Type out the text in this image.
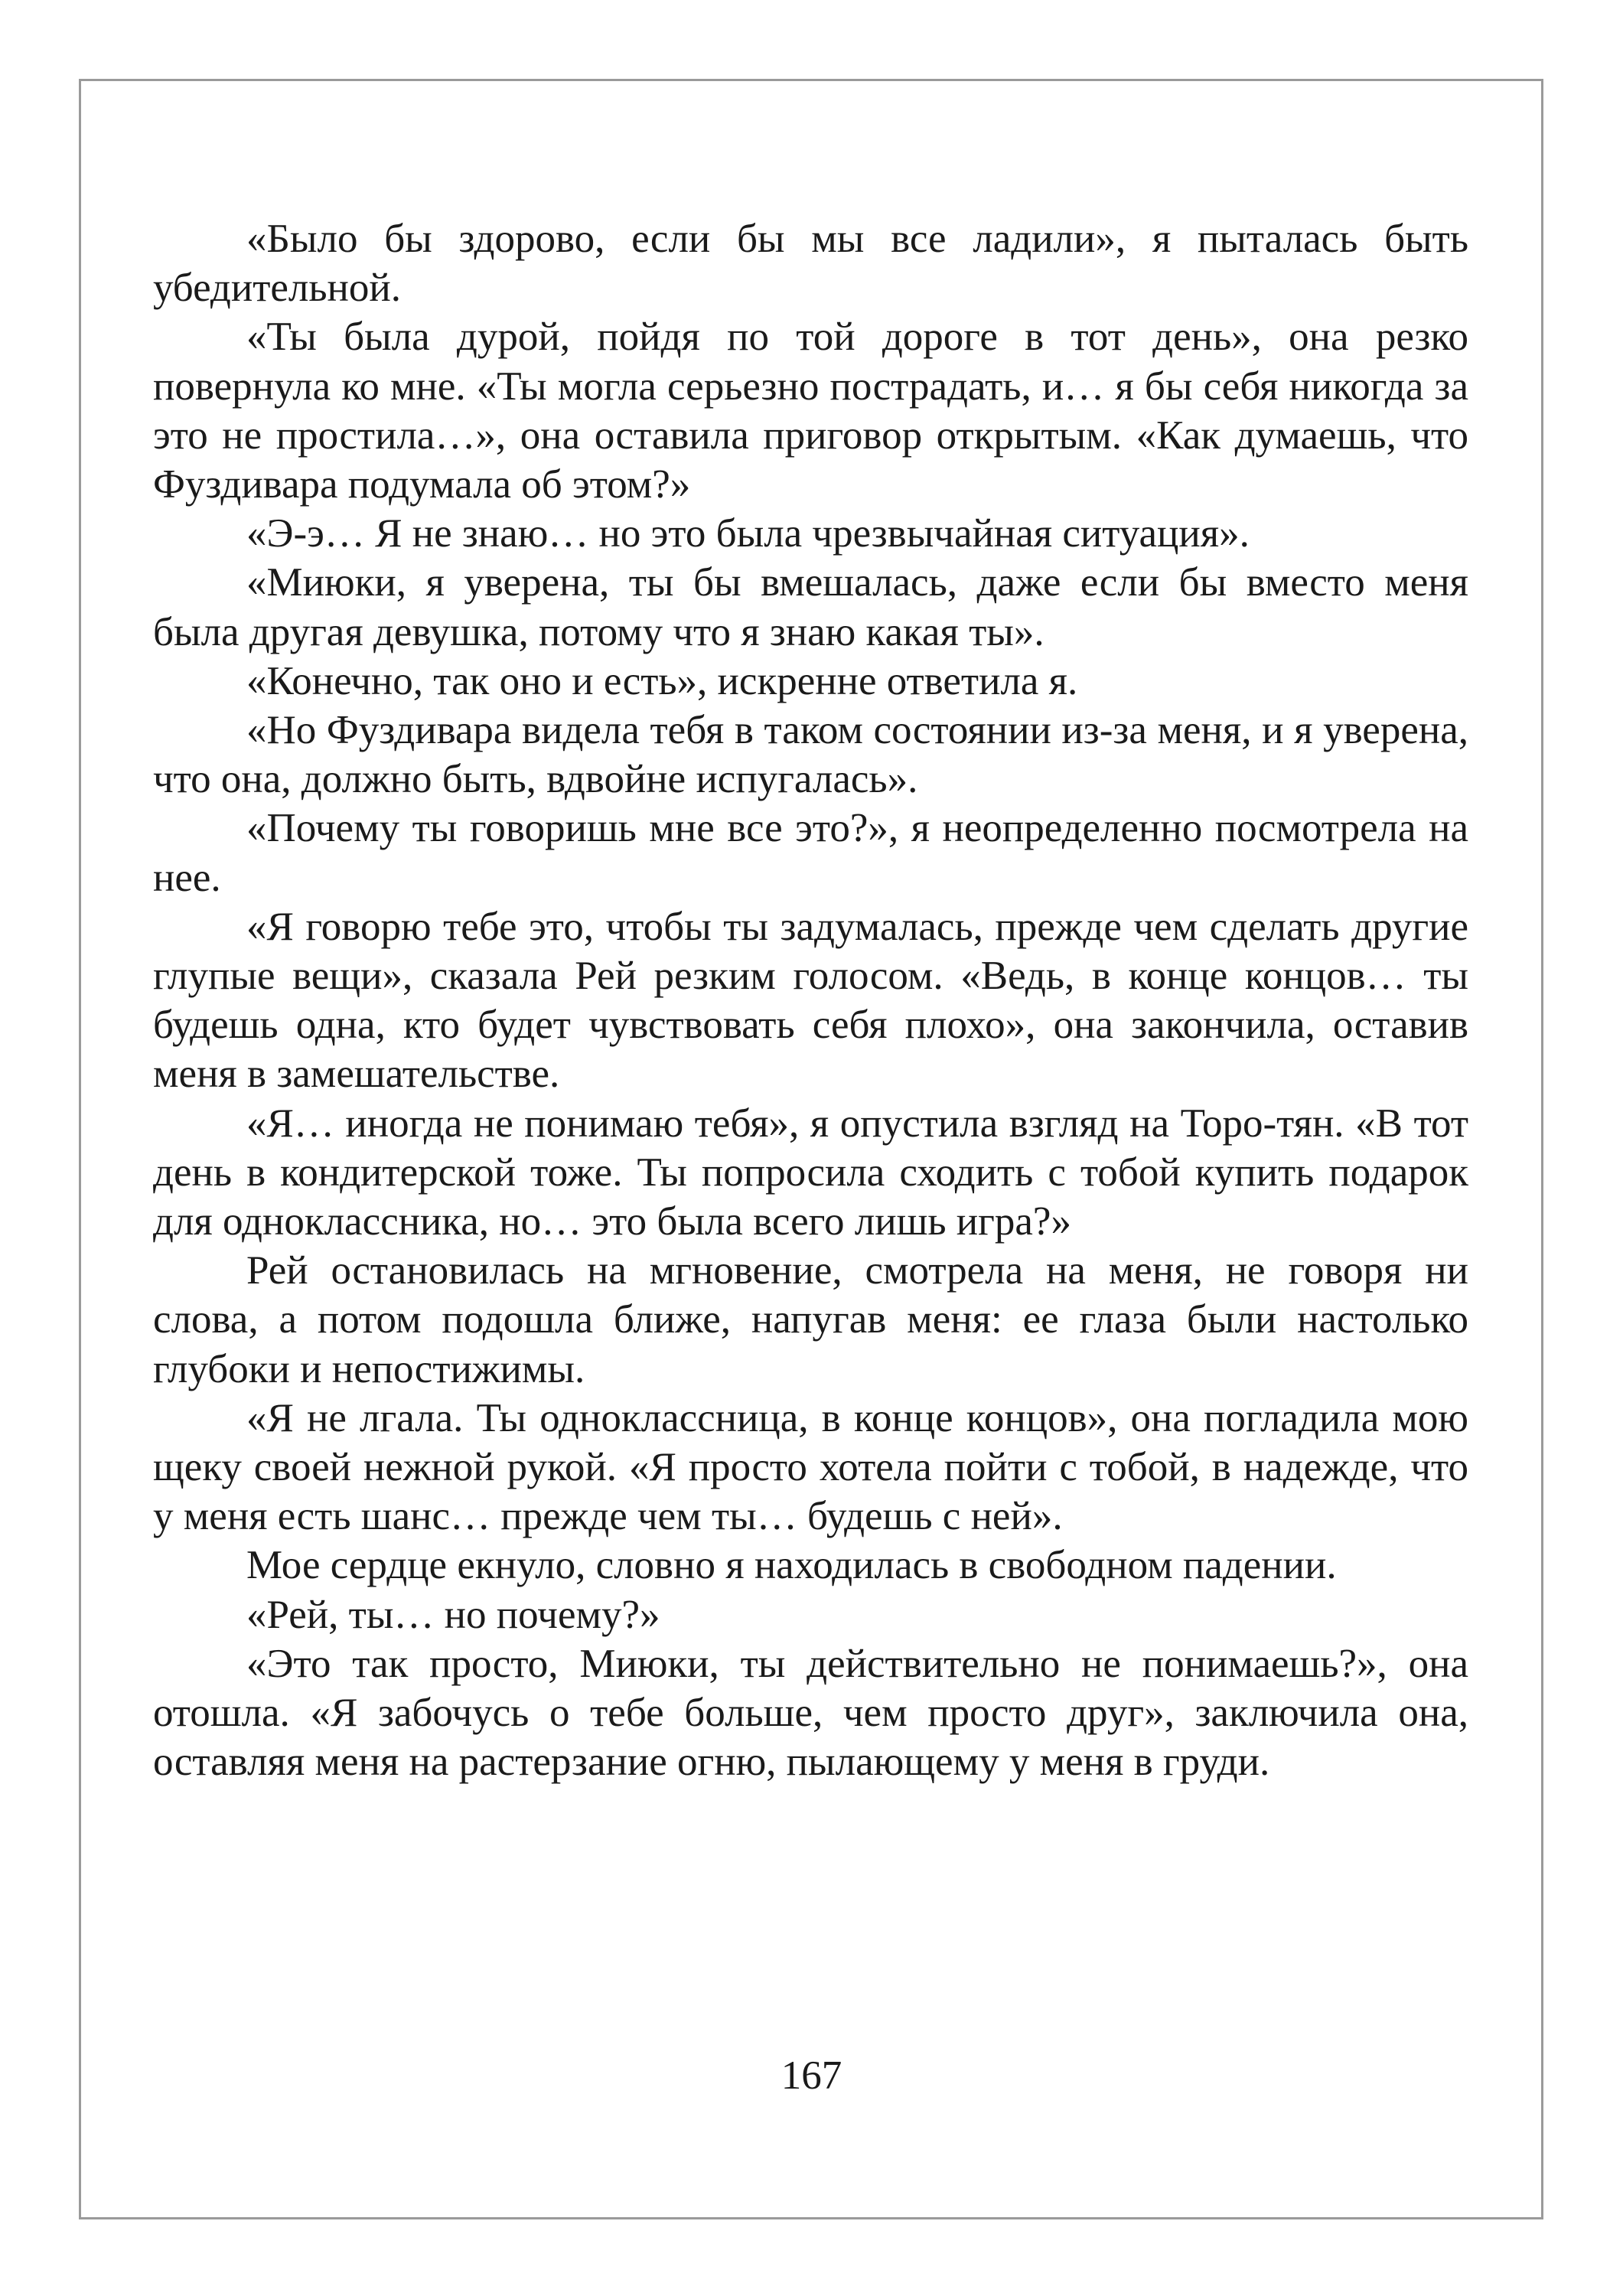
«Было бы здорово, если бы мы все ладили», я пыталась быть убедительной.

«Ты была дурой, пойдя по той дороге в тот день», она резко повернула ко мне. «Ты могла серьезно пострадать, и… я бы себя никогда за это не простила…», она оставила приговор открытым. «Как думаешь, что Фуздивара подумала об этом?»

«Э-э… Я не знаю… но это была чрезвычайная ситуация».

«Миюки, я уверена, ты бы вмешалась, даже если бы вместо меня была другая девушка, потому что я знаю какая ты».

«Конечно, так оно и есть», искренне ответила я.

«Но Фуздивара видела тебя в таком состоянии из-за меня, и я уверена, что она, должно быть, вдвойне испугалась».

«Почему ты говоришь мне все это?», я неопределенно посмотрела на нее.

«Я говорю тебе это, чтобы ты задумалась, прежде чем сделать другие глупые вещи», сказала Рей резким голосом. «Ведь, в конце концов… ты будешь одна, кто будет чувствовать себя плохо», она закончила, оставив меня в замешательстве.

«Я… иногда не понимаю тебя», я опустила взгляд на Торо-тян. «В тот день в кондитерской тоже. Ты попросила сходить с тобой купить подарок для одноклассника, но… это была всего лишь игра?»

Рей остановилась на мгновение, смотрела на меня, не говоря ни слова, а потом подошла ближе, напугав меня: ее глаза были настолько глубоки и непостижимы.

«Я не лгала. Ты одноклассница, в конце концов», она погладила мою щеку своей нежной рукой. «Я просто хотела пойти с тобой, в надежде, что у меня есть шанс… прежде чем ты… будешь с ней».

Мое сердце екнуло, словно я находилась в свободном падении.

«Рей, ты… но почему?»

«Это так просто, Миюки, ты действительно не понимаешь?», она отошла. «Я забочусь о тебе больше, чем просто друг», заключила она, оставляя меня на растерзание огню, пылающему у меня в груди.

167
